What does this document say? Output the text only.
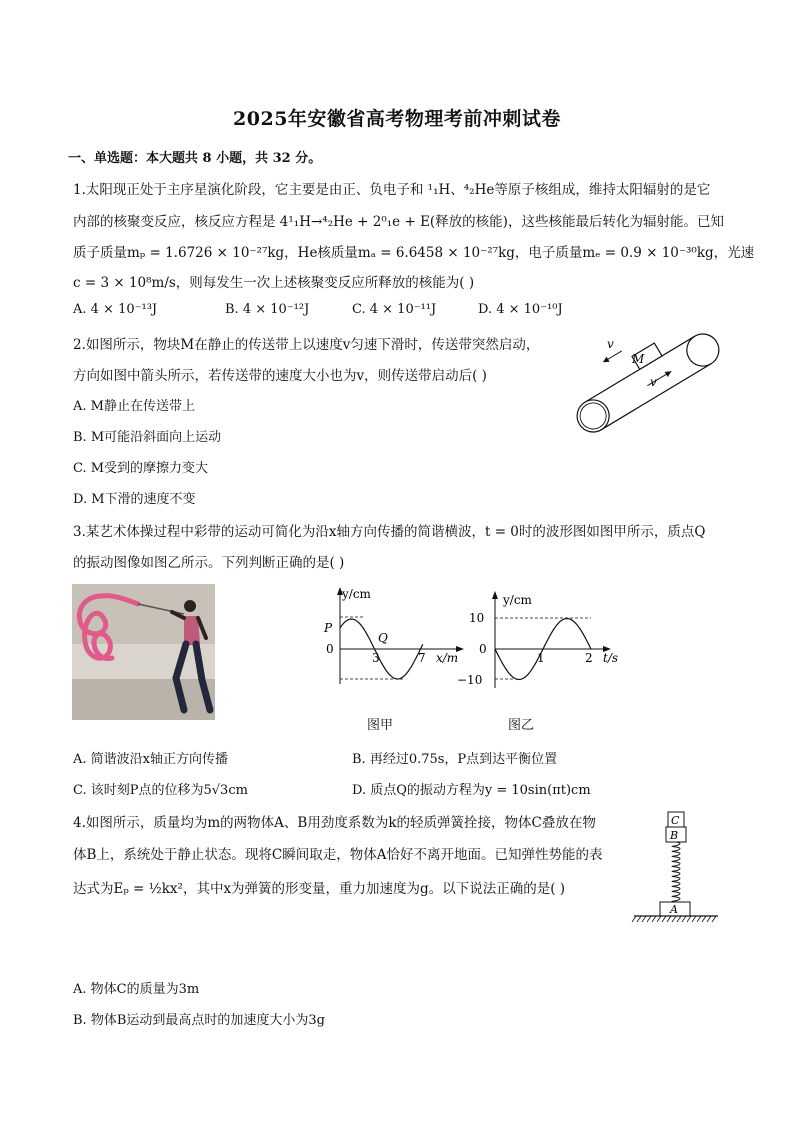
2025年安徽省高考物理考前冲刺试卷
一、单选题：本大题共 8 小题，共 32 分。
1.太阳现正处于主序星演化阶段，它主要是由正、负电子和 ¹₁H、⁴₂He等原子核组成，维持太阳辐射的是它
内部的核聚变反应，核反应方程是 4¹₁H→⁴₂He + 2⁰₁e + E(释放的核能)，这些核能最后转化为辐射能。已知
质子质量mₚ = 1.6726 × 10⁻²⁷kg，He核质量mₐ = 6.6458 × 10⁻²⁷kg，电子质量mₑ = 0.9 × 10⁻³⁰kg，光速
c = 3 × 10⁸m/s，则每发生一次上述核聚变反应所释放的核能为( )
A. 4 × 10⁻¹³J	B. 4 × 10⁻¹²J	C. 4 × 10⁻¹¹J	D. 4 × 10⁻¹⁰J
2.如图所示，物块M在静止的传送带上以速度v匀速下滑时，传送带突然启动，
方向如图中箭头所示，若传送带的速度大小也为v，则传送带启动后( )
A. M静止在传送带上
B. M可能沿斜面向上运动
C. M受到的摩擦力变大
D. M下滑的速度不变
M
v
v
3.某艺术体操过程中彩带的运动可简化为沿x轴方向传播的简谐横波，t = 0时的波形图如图甲所示，质点Q
的振动图像如图乙所示。下列判断正确的是( )
y/cm
x/m
P
Q
0
3	7
图甲
y/cm
t/s
10
−10
0
1	2
图乙
A. 简谐波沿x轴正方向传播	B. 再经过0.75s，P点到达平衡位置
C. 该时刻P点的位移为5√3cm	D. 质点Q的振动方程为y = 10sin(πt)cm
4.如图所示，质量均为m的两物体A、B用劲度系数为k的轻质弹簧拴接，物体C叠放在物
体B上，系统处于静止状态。现将C瞬间取走，物体A恰好不离开地面。已知弹性势能的表
达式为Eₚ = ½kx²，其中x为弹簧的形变量，重力加速度为g。以下说法正确的是( )
C
B
A
A. 物体C的质量为3m
B. 物体B运动到最高点时的加速度大小为3g
